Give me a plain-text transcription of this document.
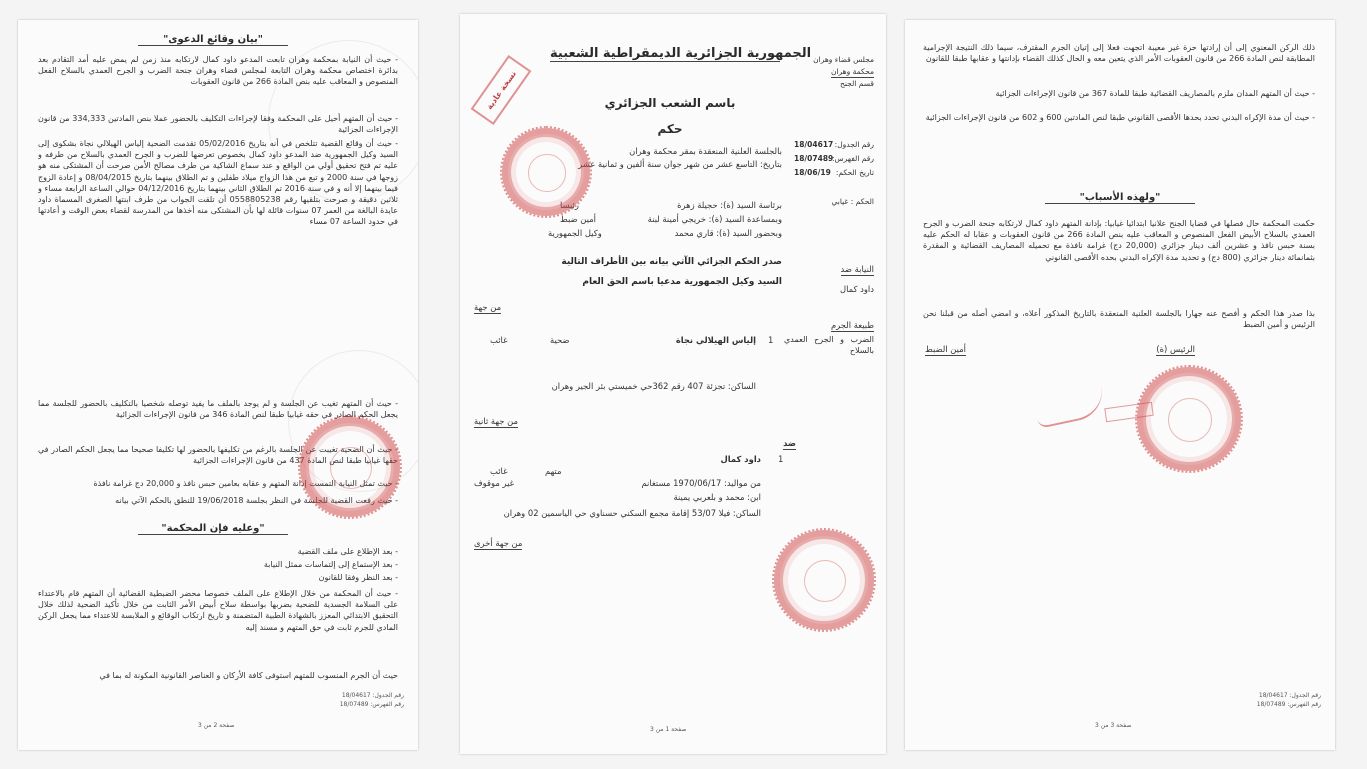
"بيان وقائع الدعوى"
- حيث أن النيابة بمحكمة وهران تابعت المدعو داود كمال لارتكابه منذ زمن لم يمض عليه أمد التقادم بعد بدائرة اختصاص محكمة وهران التابعة لمجلس قضاء وهران جنحة الضرب و الجرح العمدي بالسلاح الفعل المنصوص و المعاقب عليه بنص المادة 266 من قانون العقوبات
- حيث أن المتهم أحيل على المحكمة وفقا لإجراءات التكليف بالحضور عملا بنص المادتين 334,333 من قانون الإجراءات الجزائية
- حيث أن وقائع القضية تتلخص في أنه بتاريخ 05/02/2016 تقدمت الضحية إلياس الهيلالي نجاة بشكوى إلى السيد وكيل الجمهورية ضد المدعو داود كمال بخصوص تعرضها للضرب و الجرح العمدي بالسلاح من طرفه و عليه تم فتح تحقيق أولي من الواقع و عند سماع الشاكية من طرف مصالح الأمن صرحت أن المشتكى منه هو زوجها في سنة 2000 و تبع من هذا الزواج ميلاد طفلين و تم الطلاق بينهما بتاريخ 08/04/2015 و إعادة الزوج فيما بينهما إلا أنه و في سنة 2016 تم الطلاق الثاني بينهما بتاريخ 04/12/2016 حوالي الساعة الرابعة مساء و ثلاثين دقيقة و صرحت بتلقيها رقم 0558805238 أن تلقت الجواب من طرف ابنتها الصغرى المسماة داود عايدة البالغة من العمر 07 سنوات قائلة لها بأن المشتكى منه أخذها من المدرسة لقضاء بعض الوقت و أعادتها في حدود الساعة 07 مساء
- حيث أن المتهم تغيب عن الجلسة و لم يوجد بالملف ما يفيد توصله شخصيا بالتكليف بالحضور للجلسة مما يجعل الحكم الصادر في حقه غيابيا طبقا لنص المادة 346 من قانون الإجراءات الجزائية
- حيث أن الضحية تغيبت عن الجلسة بالرغم من تكليفها بالحضور لها تكليفا صحيحا مما يجعل الحكم الصادر في حقها غيابيا طبقا لنص المادة 437 من قانون الإجراءات الجزائية
- حيث تمثل النيابة التمست إدانة المتهم و عقابه بعامين حبس نافذ و 20,000 دج غرامة نافذة
- حيث رفعت القضية للجلسة في النظر بجلسة 19/06/2018 للنطق بالحكم الآتي بيانه
"وعليه فإن المحكمة"
- بعد الإطلاع على ملف القضية
- بعد الإستماع إلى إلتماسات ممثل النيابة
- بعد النظر وفقا للقانون
- حيث أن المحكمة من خلال الإطلاع على الملف خصوصا محضر الضبطية القضائية أن المتهم قام بالاعتداء على السلامة الجسدية للضحية بضربها بواسطة سلاح أبيض الأمر الثابت من خلال تأكيد الضحية لذلك خلال التحقيق الابتدائي المعزز بالشهادة الطبية المتضمنة و تاريخ ارتكاب الوقائع و الملابسة للاعتداء مما يجعل الركن المادي للجرم ثابت في حق المتهم و مسند إليه
حيث أن الجرم المنسوب للمتهم استوفى كافة الأركان و العناصر القانونية المكونة له بما في
رقم الجدول: 18/04617
رقم الفهرس: 18/07489
صفحة 2 من 3
مجلس قضاء وهران
محكمة وهران
قسم الجنح
الجمهورية الجزائرية الديمقراطية الشعبية
باسم الشعب الجزائري
حكم
نسخة عادية
رقم الجدول:
18/04617
رقم الفهرس:
18/07489
تاريخ الحكم:
18/06/19
الحكم : غيابي
بالجلسة العلنية المنعقدة بمقر محكمة وهران
بتاريخ: التاسع عشر من شهر جوان سنة ألفين و ثمانية عشر
برئاسة السيد (ة): حجيلة زهرة
وبمساعدة السيد (ة): خريجي أمينة لبنة
وبحضور السيد (ة): قاري محمد
رئيسا
أمين ضبط
وكيل الجمهورية
صدر الحكم الجزائي الآتي بيانه بين الأطراف التالية
السيد وكيل الجمهورية مدعيا باسم الحق العام
النيابة ضد
داود كمال
من جهة
طبيعة الجرم
الضرب و الجرح العمدي بالسلاح
1
إلياس الهيلالي نجاة
ضحية
غائب
الساكن: تجزئة 407 رقم 362حي خميستي بئر الجير وهران
من جهة ثانية
ضد
1
داود كمال
متهم
غائب
غير موقوف	من مواليد: 1970/06/17 مستغانم
ابن: محمد و بلعربي يمينة
الساكن: فيلا 53/07 إقامة مجمع السكني حسناوي حي الياسمين 02 وهران
من جهة أخرى
صفحة 1 من 3
ذلك الركن المعنوي إلى أن إرادتها حرة غير معيبة اتجهت فعلا إلى إتيان الجرم المقترف، سيما ذلك النتيجة الإجرامية المطابقة لنص المادة 266 من قانون العقوبات الأمر الذي يتعين معه و الحال كذلك القضاء بإدانتها و عقابها طبقا للقانون
- حيث أن المتهم المدان ملزم بالمصاريف القضائية طبقا للمادة 367 من قانون الإجراءات الجزائية
- حيث أن مدة الإكراه البدني تحدد بحدها الأقصى القانوني طبقا لنص المادتين 600 و 602 من قانون الإجراءات الجزائية
"ولهذه الأسباب"
حكمت المحكمة حال فصلها في قضايا الجنح علانيا ابتدائيا غيابيا: بإدانة المتهم داود كمال لارتكابه جنحة الضرب و الجرح العمدي بالسلاح الأبيض الفعل المنصوص و المعاقب عليه بنص المادة 266 من قانون العقوبات و عقابا له الحكم عليه بسنة حبس نافذ و عشرين ألف دينار جزائري (20,000 دج) غرامة نافذة مع تحميله المصاريف القضائية و المقدرة بثمانمائة دينار جزائري (800 دج) و تحديد مدة الإكراه البدني بحده الأقصى القانوني
بذا صدر هذا الحكم و أفصح عنه جهارا بالجلسة العلنية المنعقدة بالتاريخ المذكور أعلاه، و امضي أصله من قبلنا نحن الرئيس و أمين الضبط
الرئيس (ة)
أمين الضبط
رقم الجدول: 18/04617
رقم الفهرس: 18/07489
صفحة 3 من 3
